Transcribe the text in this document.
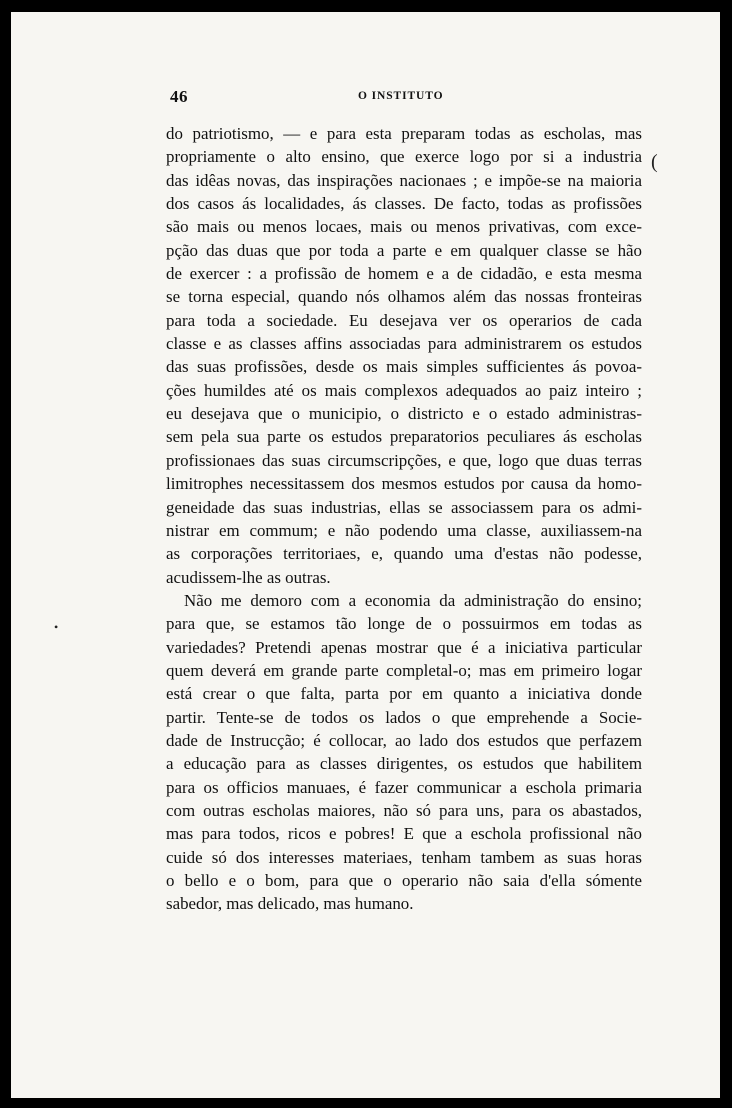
46	O INSTITUTO
(
•
do patriotismo, — e para esta preparam todas as escholas, mas
propriamente o alto ensino, que exerce logo por si a industria
das idêas novas, das inspirações nacionaes ; e impõe-se na maioria
dos casos ás localidades, ás classes. De facto, todas as profissões
são mais ou menos locaes, mais ou menos privativas, com exce-
pção das duas que por toda a parte e em qualquer classe se hão
de exercer : a profissão de homem e a de cidadão, e esta mesma
se torna especial, quando nós olhamos além das nossas fronteiras
para toda a sociedade. Eu desejava ver os operarios de cada
classe e as classes affins associadas para administrarem os estudos
das suas profissões, desde os mais simples sufficientes ás povoa-
ções humildes até os mais complexos adequados ao paiz inteiro ;
eu desejava que o municipio, o districto e o estado administras-
sem pela sua parte os estudos preparatorios peculiares ás escholas
profissionaes das suas circumscripções, e que, logo que duas terras
limitrophes necessitassem dos mesmos estudos por causa da homo-
geneidade das suas industrias, ellas se associassem para os admi-
nistrar em commum; e não podendo uma classe, auxiliassem-na
as corporações territoriaes, e, quando uma d'estas não podesse,
acudissem-lhe as outras.
Não me demoro com a economia da administração do ensino;
para que, se estamos tão longe de o possuirmos em todas as
variedades? Pretendi apenas mostrar que é a iniciativa particular
quem deverá em grande parte completal-o; mas em primeiro logar
está crear o que falta, parta por em quanto a iniciativa donde
partir. Tente-se de todos os lados o que emprehende a Socie-
dade de Instrucção; é collocar, ao lado dos estudos que perfazem
a educação para as classes dirigentes, os estudos que habilitem
para os officios manuaes, é fazer communicar a eschola primaria
com outras escholas maiores, não só para uns, para os abastados,
mas para todos, ricos e pobres! E que a eschola profissional não
cuide só dos interesses materiaes, tenham tambem as suas horas
o bello e o bom, para que o operario não saia d'ella sómente
sabedor, mas delicado, mas humano.
